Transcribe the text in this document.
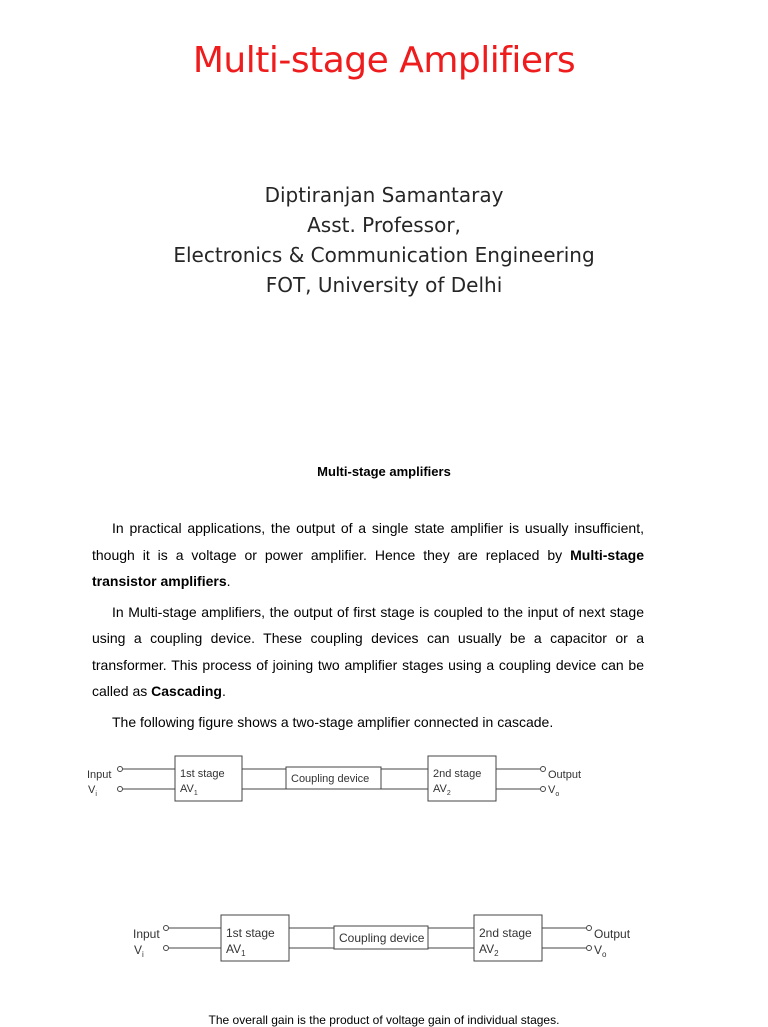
Multi-stage Amplifiers
Diptiranjan Samantaray
Asst. Professor,
Electronics & Communication Engineering
FOT, University of Delhi
Multi-stage amplifiers

In practical applications, the output of a single state amplifier is usually insufficient, though it is a voltage or power amplifier. Hence they are replaced by Multi-stage transistor amplifiers.

In Multi-stage amplifiers, the output of first stage is coupled to the input of next stage using a coupling device. These coupling devices can usually be a capacitor or a transformer. This process of joining two amplifier stages using a coupling device can be called as Cascading.

The following figure shows a two-stage amplifier connected in cascade.

Input
$V_i$
1st stage
$AV_1$
Coupling device	2nd stage
$AV_2$
Output
$V_o$
Input
$V_i$
1st stage
$AV_1$
Coupling device	2nd stage
$AV_2$
Output
$V_o$
The overall gain is the product of voltage gain of individual stages.
